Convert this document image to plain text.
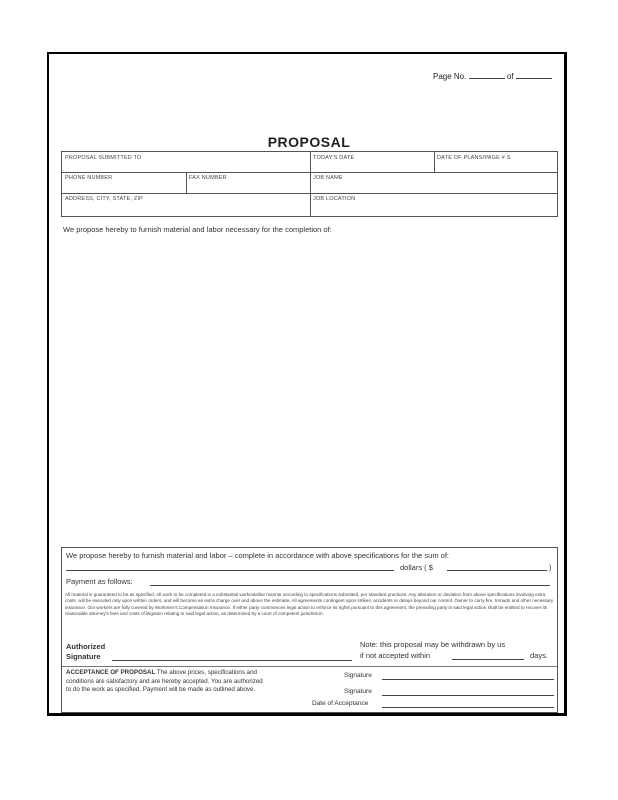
Page No.	of
PROPOSAL
PROPOSAL SUBMITTED TO	TODAY'S DATE	DATE OF PLANS/PAGE # S
PHONE NUMBER	FAX NUMBER	JOB NAME
ADDRESS, CITY, STATE, ZIP	JOB LOCATION
We propose hereby to furnish material and labor necessary for the completion of:
We propose hereby to furnish material and labor – complete in accordance with above specifications for the sum of:
dollars ( $	)
Payment as follows:
All material is guaranteed to be as specified. All work to be completed in a substantial workmanlike manner according to specifications submitted, per standard practices. Any alteration or deviation from above specifications involving extra costs, will be executed only upon written orders, and will become an extra charge over and above the estimate. All agreements contingent upon strikes, accidents or delays beyond our control. Owner to carry fire, tornado and other necessary insurance. Our workers are fully covered by Workmen's Compensation Insurance. If either party commences legal action to enforce its rights pursuant to this agreement, the prevailing party in said legal action shall be entitled to recover its reasonable attorney's fees and costs of litigation relating to said legal action, as determined by a court of competent jurisdiction.
Authorized
Signature
Note: this proposal may be withdrawn by us
if not accepted within	days.
ACCEPTANCE OF PROPOSAL The above prices, specifications and
conditions are satisfactory and are hereby accepted. You are authorized
to do the work as specified. Payment will be made as outlined above.
Signature
Signature
Date of Acceptance
